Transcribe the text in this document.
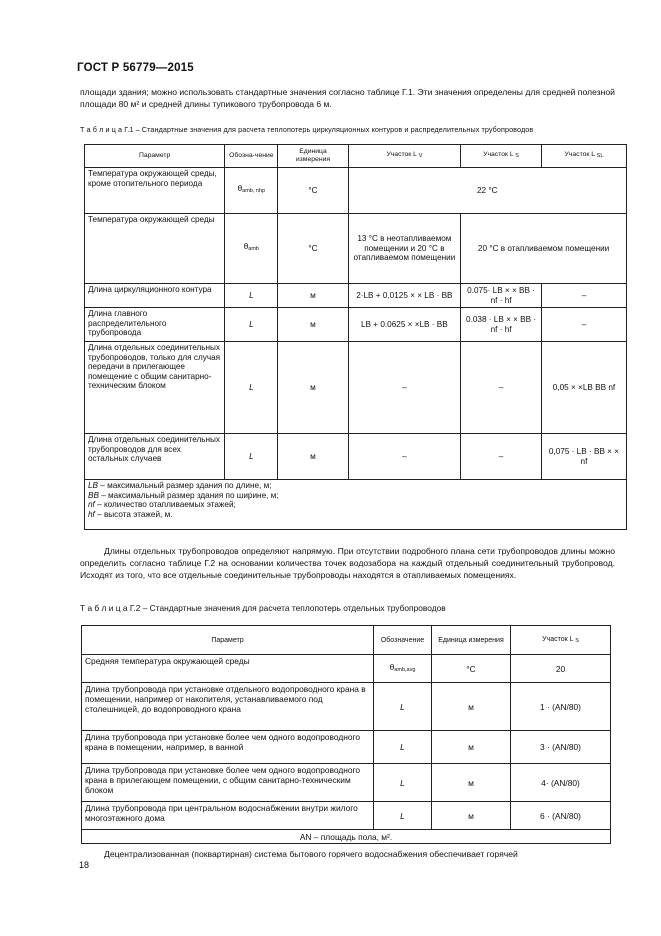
ГОСТ Р 56779—2015
площади здания; можно использовать стандартные значения согласно таблице Г.1. Эти значения определены для средней полезной площади 80 м² и средней длины тупикового трубопровода 6 м.
Т а б л и ц а Г.1 – Стандартные значения для расчета теплопотерь циркуляционных контуров и распределительных трубопроводов
Параметр	Обозна-чение	Единица измерения	Участок L $_V$	Участок L $_S$	Участок L $_{SL}$
Температура окружающей среды, кроме отопительного периода	$\theta_{amb, nhp}$	°C	22 °C		
Температура окружающей среды	$\theta_{amb}$	°C	13 °C в неотапливаемом помещении и 20 °C в отапливаемом помещении	20 °C в отапливаемом помещении	
Длина циркуляционного контура	L	м	2·LB + 0,0125 × × LB · BB	0.075· LB × × BB · nf · hf	–
Длина главного распределительного трубопровода	L	м	LB + 0.0625 × ×LB · BB	0.038 · LB × × BB · nf · hf	–
Длина отдельных соединительных трубопроводов, только для случая передачи в прилегающее помещение с общим санитарно-техническим блоком	L	м	–	–	0,05 × ×LB BB nf
Длина отдельных соединительных трубопроводов для всех остальных случаев	L	м	–	–	0,075 · LB · BB × × nf

LB – максимальный размер здания по длине, м;
BB – максимальный размер здания по ширине, м;
nf – количество отапливаемых этажей;
hf – высота этажей, м.					
Длины отдельных трубопроводов определяют напрямую. При отсутствии подробного плана сети трубопроводов длины можно определить согласно таблице Г.2 на основании количества точек водозабора на каждый отдельный соединительный трубопровод. Исходят из того, что все отдельные соединительные трубопроводы находятся в отапливаемых помещениях.
Т а б л и ц а Г.2 – Стандартные значения для расчета теплопотерь отдельных трубопроводов
Параметр	Обозначение	Единица измерения	Участок L $_S$
Средняя температура окружающей среды	$\theta_{amb,avg}$	°C	20
Длина трубопровода при установке отдельного водопроводного крана в помещении, например от накопителя, устанавливаемого под столешницей, до водопроводного крана	L	м	1 · (AN/80)
Длина трубопровода при установке более чем одного водопроводного крана в помещении, например, в ванной	L	м	3 · (AN/80)
Длина трубопровода при установке более чем одного водопроводного крана в прилегающем помещении, с общим санитарно-техническим блоком	L	м	4· (AN/80)
Длина трубопровода при центральном водоснабжении внутри жилого многоэтажного дома	L	м	6 · (AN/80)
AN – площадь пола, м².			
Децентрализованная (поквартирная) система бытового горячего водоснабжения обеспечивает горячей
18
